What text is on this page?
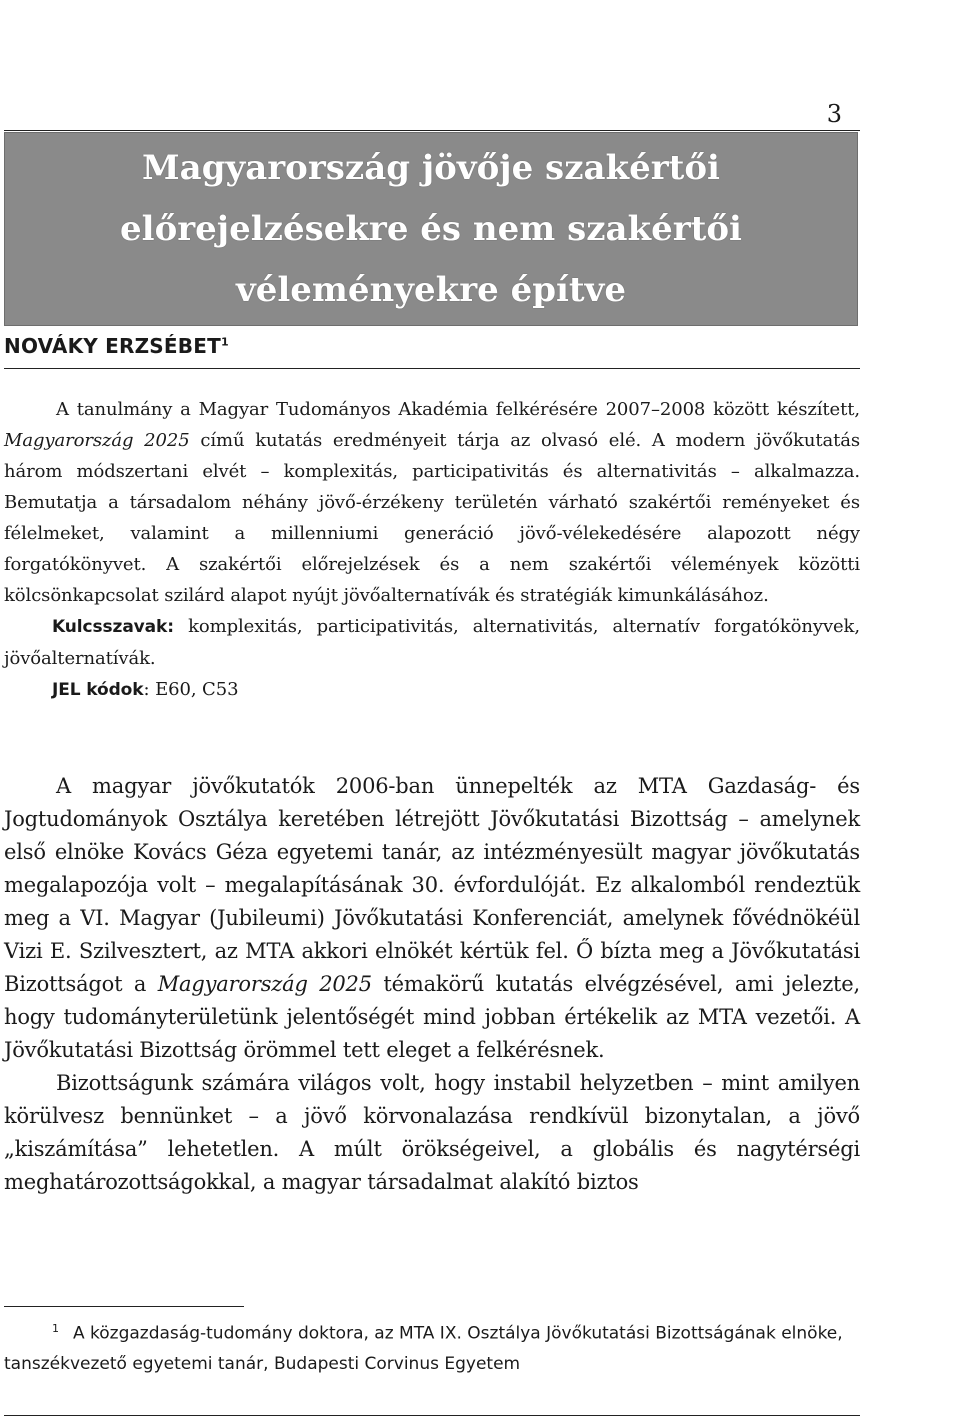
3
Magyarország jövője szakértői
előrejelzésekre és nem szakértői
véleményekre építve
NOVÁKY ERZSÉBET$^1$

A tanulmány a Magyar Tudományos Akadémia felkérésére 2007–2008 között készített, Magyarország 2025 című kutatás eredményeit tárja az olvasó elé. A modern jövőkutatás három módszertani elvét – komplexitás, participativitás és alternativitás – alkalmazza. Bemutatja a társadalom néhány jövő-érzékeny területén várható szakértői reményeket és félelmeket, valamint a millenniumi generáció jövő-vélekedésére alapozott négy forgatókönyvet. A szakértői előrejelzések és a nem szakértői vélemények közötti kölcsönkapcsolat szilárd alapot nyújt jövőalternatívák és stratégiák kimunkálásához.

Kulcsszavak: komplexitás, participativitás, alternativitás, alternatív forgatókönyvek, jövőalternatívák.

JEL kódok: E60, C53

A magyar jövőkutatók 2006-ban ünnepelték az MTA Gazdaság- és Jogtudományok Osztálya keretében létrejött Jövőkutatási Bizottság – amelynek első elnöke Kovács Géza egyetemi tanár, az intézményesült magyar jövőkutatás megalapozója volt – megalapításának 30. évfordulóját. Ez alkalomból rendeztük meg a VI. Magyar (Jubileumi) Jövőkutatási Konferenciát, amelynek fővédnökéül Vizi E. Szilvesztert, az MTA akkori elnökét kértük fel. Ő bízta meg a Jövőkutatási Bizottságot a Magyarország 2025 témakörű kutatás elvégzésével, ami jelezte, hogy tudományterületünk jelentőségét mind jobban értékelik az MTA vezetői. A Jövőkutatási Bizottság örömmel tett eleget a felkérésnek.

Bizottságunk számára világos volt, hogy instabil helyzetben – mint amilyen körülvesz bennünket – a jövő körvonalazása rendkívül bizonytalan, a jövő „kiszámítása” lehetetlen. A múlt örökségeivel, a globális és nagytérségi meghatározottságokkal, a magyar társadalmat alakító biztos

$^1$ A közgazdaság-tudomány doktora, az MTA IX. Osztálya Jövőkutatási Bizottságának elnöke, tanszékvezető egyetemi tanár, Budapesti Corvinus Egyetem
